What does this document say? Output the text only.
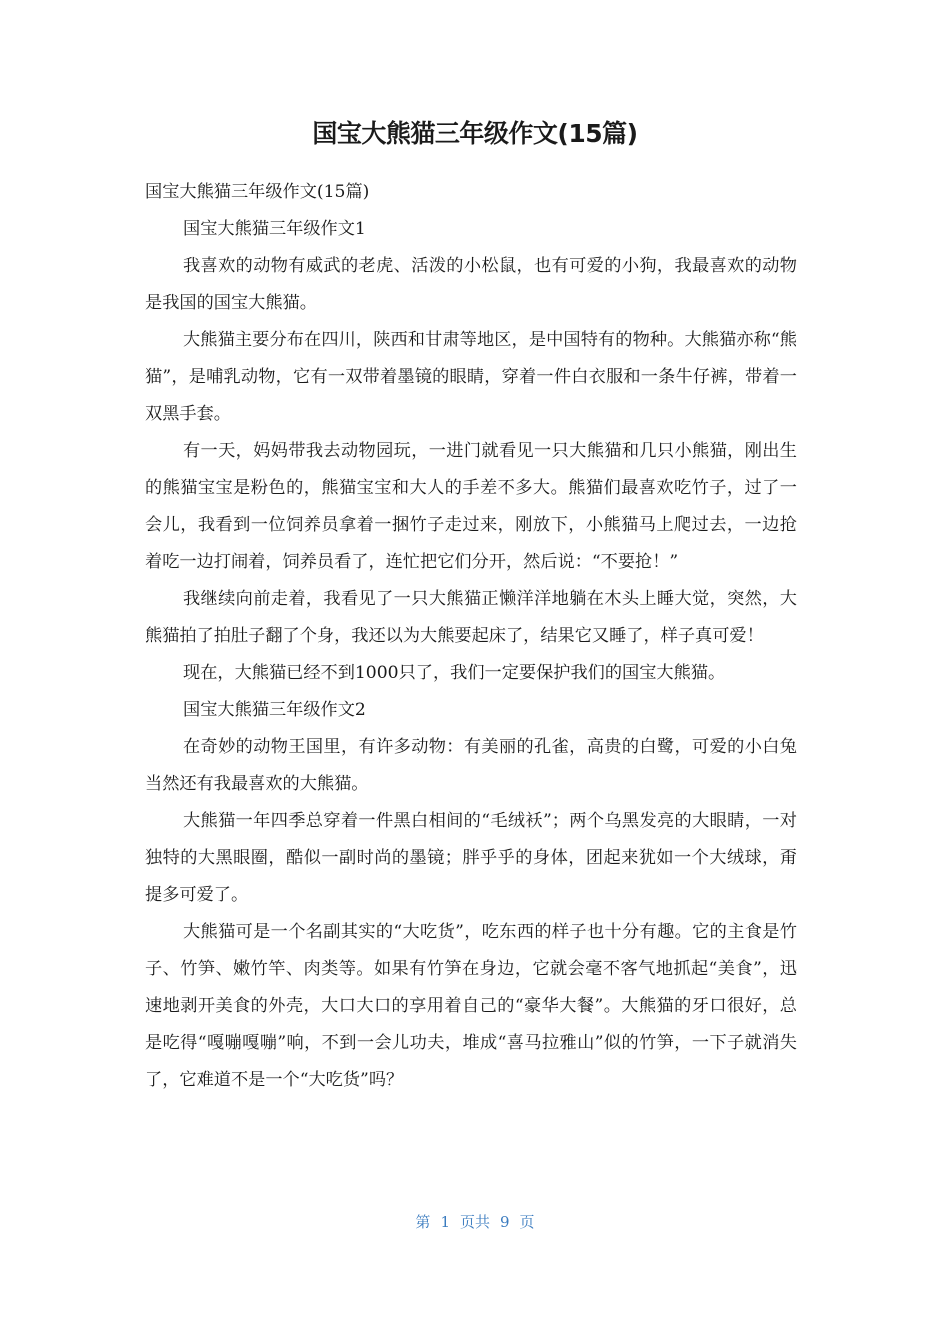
国宝大熊猫三年级作文(15篇)

国宝大熊猫三年级作文(15篇)

国宝大熊猫三年级作文1

我喜欢的动物有威武的老虎、活泼的小松鼠，也有可爱的小狗，我最喜欢的动物是我国的国宝大熊猫。

大熊猫主要分布在四川，陕西和甘肃等地区，是中国特有的物种。大熊猫亦称“熊猫”，是哺乳动物，它有一双带着墨镜的眼睛，穿着一件白衣服和一条牛仔裤，带着一双黑手套。

有一天，妈妈带我去动物园玩，一进门就看见一只大熊猫和几只小熊猫，刚出生的熊猫宝宝是粉色的，熊猫宝宝和大人的手差不多大。熊猫们最喜欢吃竹子，过了一会儿，我看到一位饲养员拿着一捆竹子走过来，刚放下，小熊猫马上爬过去，一边抢着吃一边打闹着，饲养员看了，连忙把它们分开，然后说：“不要抢！”

我继续向前走着，我看见了一只大熊猫正懒洋洋地躺在木头上睡大觉，突然，大熊猫拍了拍肚子翻了个身，我还以为大熊要起床了，结果它又睡了，样子真可爱！

现在，大熊猫已经不到1000只了，我们一定要保护我们的国宝大熊猫。

国宝大熊猫三年级作文2

在奇妙的动物王国里，有许多动物：有美丽的孔雀，高贵的白鹭，可爱的小白兔当然还有我最喜欢的大熊猫。

大熊猫一年四季总穿着一件黑白相间的“毛绒袄”；两个乌黑发亮的大眼睛，一对独特的大黑眼圈，酷似一副时尚的墨镜；胖乎乎的身体，团起来犹如一个大绒球，甭提多可爱了。

大熊猫可是一个名副其实的“大吃货”，吃东西的样子也十分有趣。它的主食是竹子、竹笋、嫩竹竿、肉类等。如果有竹笋在身边，它就会毫不客气地抓起“美食”，迅速地剥开美食的外壳，大口大口的享用着自己的“豪华大餐”。大熊猫的牙口很好，总是吃得“嘎嘣嘎嘣”响，不到一会儿功夫，堆成“喜马拉雅山”似的竹笋，一下子就消失了，它难道不是一个“大吃货”吗？

第 1 页共 9 页
